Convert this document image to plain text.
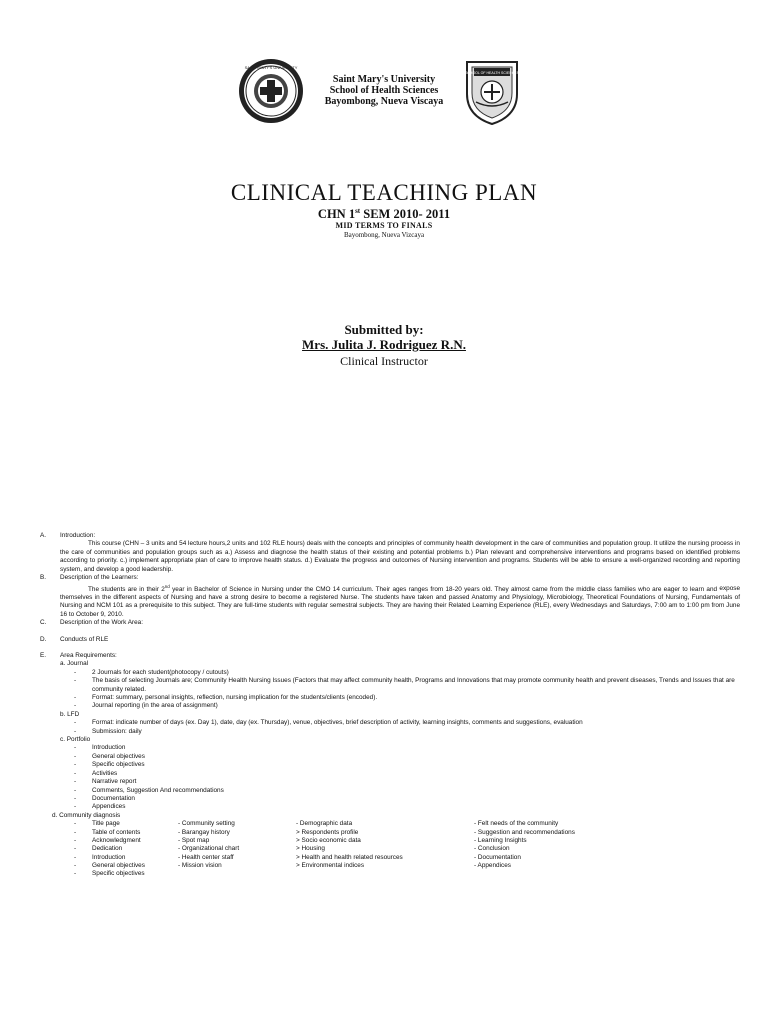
SAINT MARY'S UNIVERSITY
Saint Mary's University
School of Health Sciences
Bayombong, Nueva Viscaya
SCHOOL OF HEALTH SCIENCES
CLINICAL TEACHING PLAN
CHN 1st SEM 2010- 2011
MID TERMS TO FINALS
Bayombong, Nueva Vizcaya
Submitted by:
Mrs. Julita J. Rodriguez R.N.
Clinical Instructor
A.	Introduction:
This course (CHN – 3 units and 54 lecture hours,2 units and 102 RLE hours) deals with the concepts and principles of community health development in the care of communities and population group. It utilize the nursing process in the care of communities and population groups such as a.) Assess and diagnose the health status of their existing and potential problems b.) Plan relevant and comprehensive interventions and programs based on identified problems according to priority. c.) implement appropriate plan of care to improve health status. d.) Evaluate the progress and outcomes of Nursing intervention and programs. Students will be able to ensure a well-organized recording and reporting system, and develop a good leadership.
B.	Description of the Learners:
The students are in their 2nd year in Bachelor of Science in Nursing under the CMO 14 curriculum. Their ages ranges from 18-20 years old. They almost came from the middle class families who are eager to learn and expose themselves in the different aspects of Nursing and have a strong desire to become a registered Nurse. The students have taken and passed Anatomy and Physiology, Microbiology, Theoretical Foundations of Nursing, Fundamentals of Nursing and NCM 101 as a prerequisite to this subject. They are full-time students with regular semestral subjects. They are having their Related Learning Experience (RLE), every Wednesdays and Saturdays, 7:00 am to 1:00 pm from June 16 to October 9, 2010.
C.	Description of the Work Area:
D.	Conducts of RLE
E.	Area Requirements:
a. Journal
- 2 Journals for each student(photocopy / cutouts)
- The basis of selecting Journals are; Community Health Nursing Issues (Factors that may affect community health, Programs and Innovations that may promote community health and prevent diseases, Trends and Issues that are community related.
- Format: summary, personal insights, reflection, nursing implication for the students/clients (encoded).
- Journal reporting (in the area of assignment)
b. LFD
- Format: indicate number of days (ex. Day 1), date, day (ex. Thursday), venue, objectives, brief description of activity, learning insights, comments and suggestions, evaluation
- Submission: daily
c. Portfolio
- Introduction
- General objectives
- Specific objectives
- Activities
- Narrative report
- Comments, Suggestion And recommendations
- Documentation
- Appendices
d. Community diagnosis
- Title page	- Community setting	- Demographic data	- Felt needs of the community
- Table of contents	- Barangay history	> Respondents profile	- Suggestion and recommendations
- Acknowledgment	- Spot map	> Socio economic data	- Learning Insights
- Dedication	- Organizational chart	> Housing	- Conclusion
- Introduction	- Health center staff	> Health and health related resources	- Documentation
- General objectives	- Mission vision	> Environmental indices	- Appendices
- Specific objectives
